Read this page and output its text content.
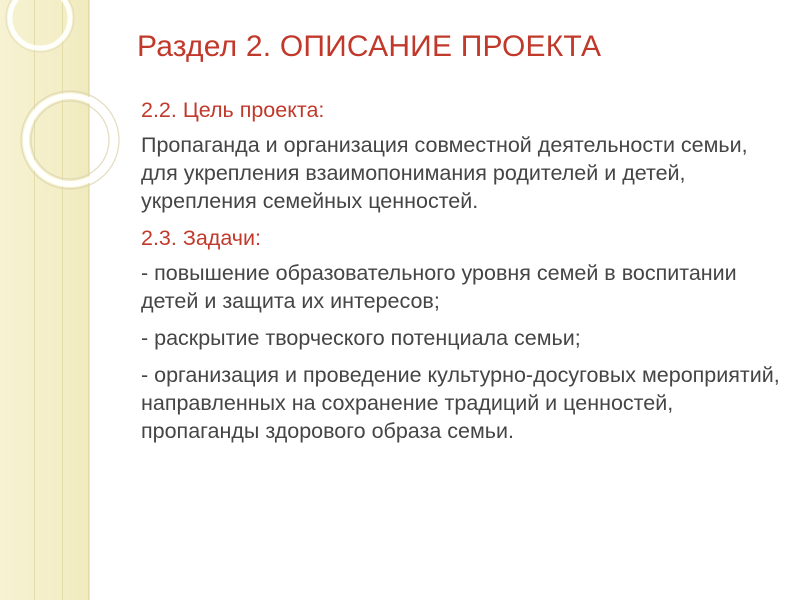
Раздел 2. ОПИСАНИЕ ПРОЕКТА

2.2. Цель проекта:

Пропаганда и организация совместной деятельности семьи, для укрепления взаимопонимания родителей и детей, укрепления семейных ценностей.

2.3. Задачи:

- повышение образовательного уровня семей в воспитании детей и защита их интересов;

- раскрытие творческого потенциала семьи;

- организация и проведение культурно-досуговых мероприятий, направленных на сохранение традиций и ценностей, пропаганды здорового образа семьи.
